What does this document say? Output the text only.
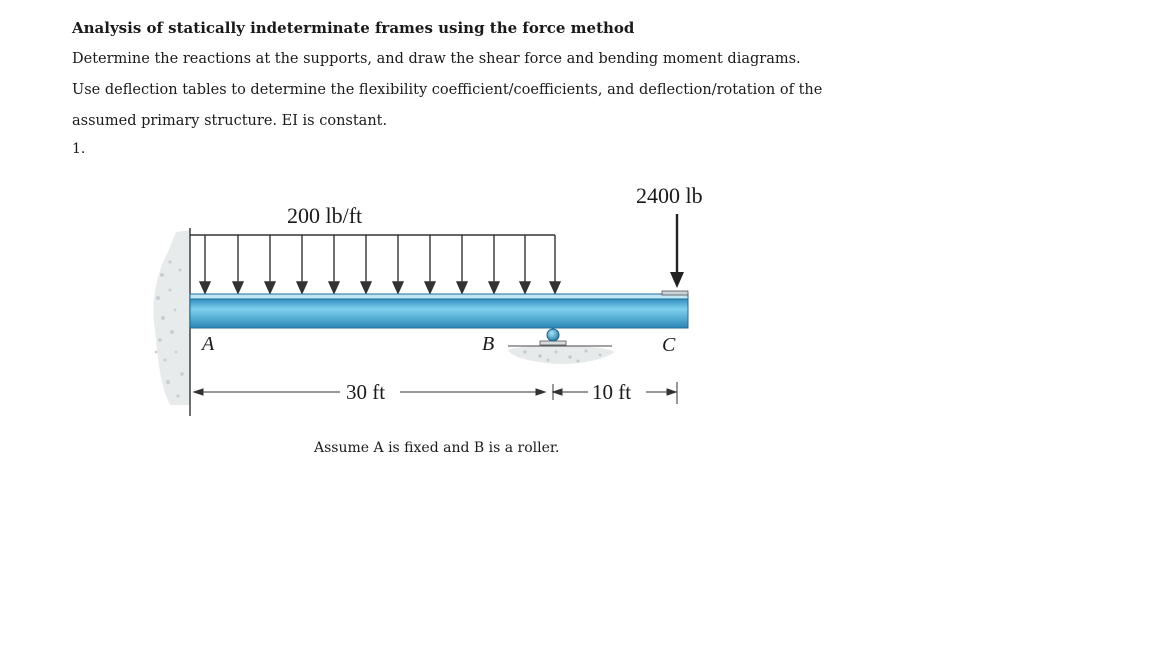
Analysis of statically indeterminate frames using the force method
Determine the reactions at the supports, and draw the shear force and bending moment diagrams. Use deflection tables to determine the flexibility coefficient/coefficients, and deflection/rotation of the assumed primary structure. EI is constant.
1.
200 lb/ft
2400 lb
A	B	C
30 ft	10 ft
Assume A is fixed and B is a roller.
